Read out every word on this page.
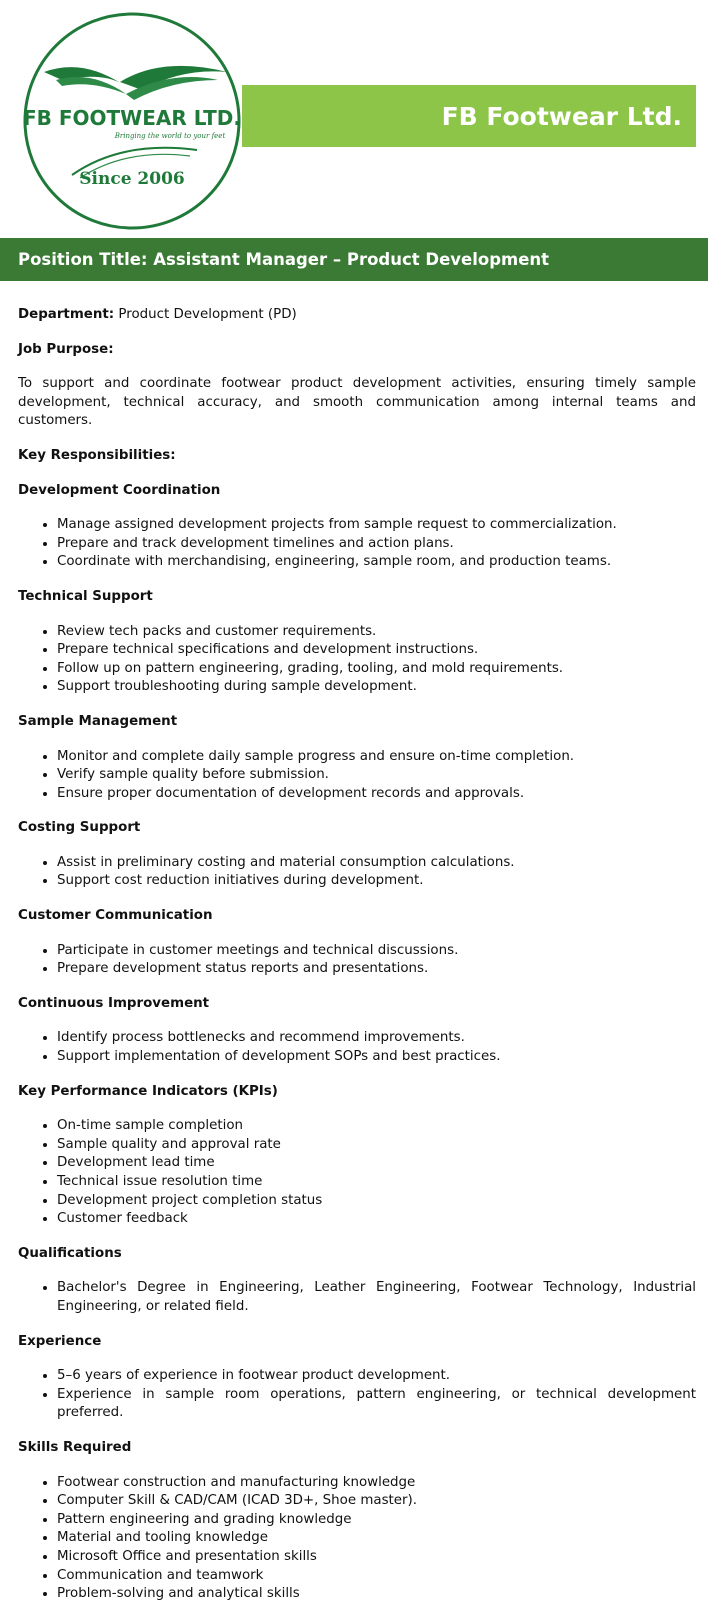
FB FOOTWEAR LTD.
Bringing the world to your feet
Since 2006
FB Footwear Ltd.
Position Title: Assistant Manager – Product Development

Department: Product Development (PD)

Job Purpose:

To support and coordinate footwear product development activities, ensuring timely sample development, technical accuracy, and smooth communication among internal teams and customers.

Key Responsibilities:

Development Coordination

• Manage assigned development projects from sample request to commercialization.
• Prepare and track development timelines and action plans.
• Coordinate with merchandising, engineering, sample room, and production teams.

Technical Support

• Review tech packs and customer requirements.
• Prepare technical specifications and development instructions.
• Follow up on pattern engineering, grading, tooling, and mold requirements.
• Support troubleshooting during sample development.

Sample Management

• Monitor and complete daily sample progress and ensure on-time completion.
• Verify sample quality before submission.
• Ensure proper documentation of development records and approvals.

Costing Support

• Assist in preliminary costing and material consumption calculations.
• Support cost reduction initiatives during development.

Customer Communication

• Participate in customer meetings and technical discussions.
• Prepare development status reports and presentations.

Continuous Improvement

• Identify process bottlenecks and recommend improvements.
• Support implementation of development SOPs and best practices.

Key Performance Indicators (KPIs)

• On-time sample completion
• Sample quality and approval rate
• Development lead time
• Technical issue resolution time
• Development project completion status
• Customer feedback

Qualifications

• Bachelor's Degree in Engineering, Leather Engineering, Footwear Technology, Industrial Engineering, or related field.

Experience

• 5–6 years of experience in footwear product development.
• Experience in sample room operations, pattern engineering, or technical development preferred.

Skills Required

• Footwear construction and manufacturing knowledge
• Computer Skill & CAD/CAM (ICAD 3D+, Shoe master).
• Pattern engineering and grading knowledge
• Material and tooling knowledge
• Microsoft Office and presentation skills
• Communication and teamwork
• Problem-solving and analytical skills
